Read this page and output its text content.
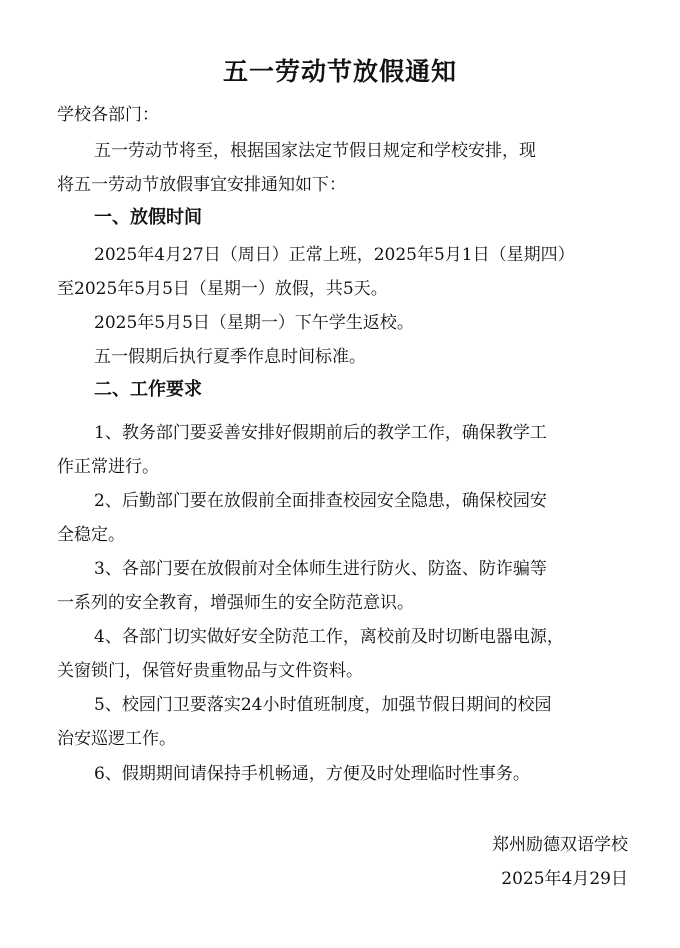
五一劳动节放假通知
学校各部门：
五一劳动节将至，根据国家法定节假日规定和学校安排，现
将五一劳动节放假事宜安排通知如下：
一、放假时间
2025年4月27日（周日）正常上班，2025年5月1日（星期四）
至2025年5月5日（星期一）放假，共5天。
2025年5月5日（星期一）下午学生返校。
五一假期后执行夏季作息时间标准。
二、工作要求
1、教务部门要妥善安排好假期前后的教学工作，确保教学工
作正常进行。
2、后勤部门要在放假前全面排查校园安全隐患，确保校园安
全稳定。
3、各部门要在放假前对全体师生进行防火、防盗、防诈骗等
一系列的安全教育，增强师生的安全防范意识。
4、各部门切实做好安全防范工作，离校前及时切断电器电源，
关窗锁门，保管好贵重物品与文件资料。
5、校园门卫要落实24小时值班制度，加强节假日期间的校园
治安巡逻工作。
6、假期期间请保持手机畅通，方便及时处理临时性事务。
郑州励德双语学校
2025年4月29日
